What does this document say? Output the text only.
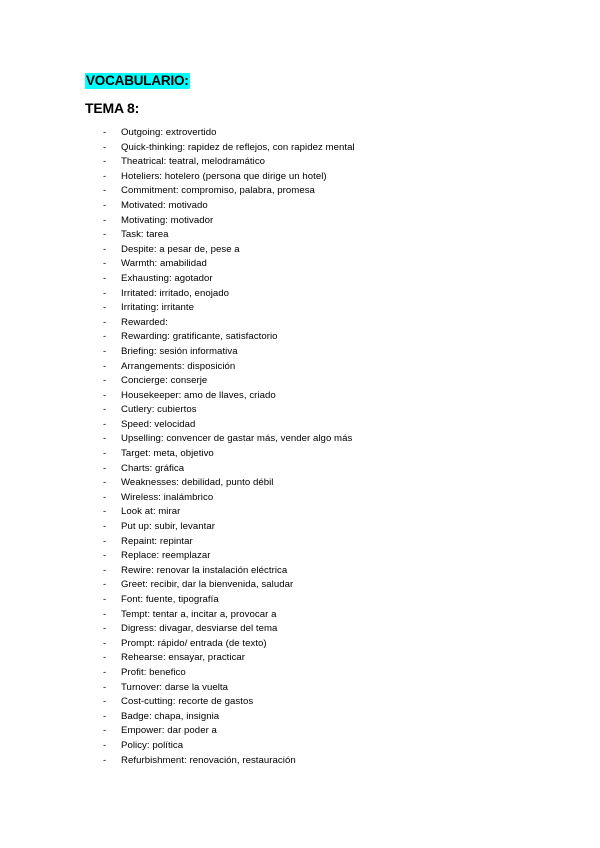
VOCABULARIO:
TEMA 8:
-	Outgoing: extrovertido
-	Quick-thinking: rapidez de reflejos, con rapidez mental
-	Theatrical: teatral, melodramático
-	Hoteliers: hotelero (persona que dirige un hotel)
-	Commitment: compromiso, palabra, promesa
-	Motivated: motivado
-	Motivating: motivador
-	Task: tarea
-	Despite: a pesar de, pese a
-	Warmth: amabilidad
-	Exhausting: agotador
-	Irritated: irritado, enojado
-	Irritating: irritante
-	Rewarded:
-	Rewarding: gratificante, satisfactorio
-	Briefing: sesión informativa
-	Arrangements: disposición
-	Concierge: conserje
-	Housekeeper: amo de llaves, criado
-	Cutlery: cubiertos
-	Speed: velocidad
-	Upselling: convencer de gastar más, vender algo más
-	Target: meta, objetivo
-	Charts: gráfica
-	Weaknesses: debilidad, punto débil
-	Wireless: inalámbrico
-	Look at: mirar
-	Put up: subir, levantar
-	Repaint: repintar
-	Replace: reemplazar
-	Rewire: renovar la instalación eléctrica
-	Greet: recibir, dar la bienvenida, saludar
-	Font: fuente, tipografía
-	Tempt: tentar a, incitar a, provocar a
-	Digress: divagar, desviarse del tema
-	Prompt: rápido/ entrada (de texto)
-	Rehearse: ensayar, practicar
-	Profit: benefico
-	Turnover: darse la vuelta
-	Cost-cutting: recorte de gastos
-	Badge: chapa, insignia
-	Empower: dar poder a
-	Policy: política
-	Refurbishment: renovación, restauración
